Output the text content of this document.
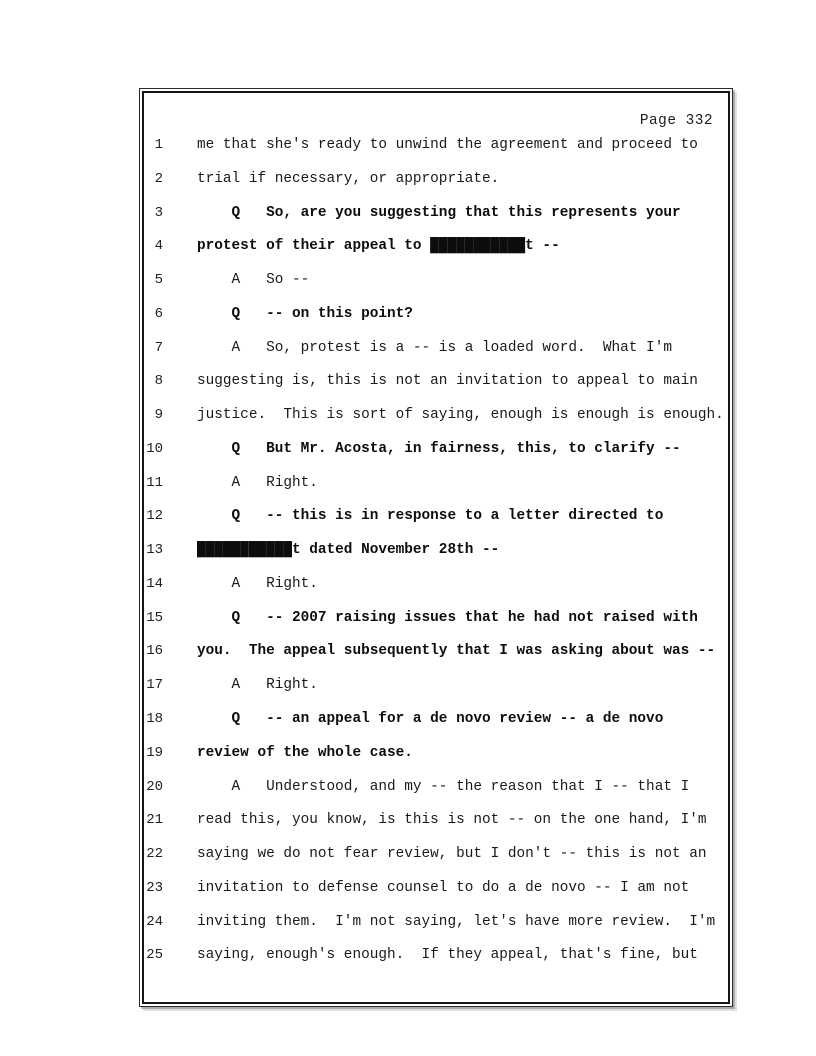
Page 332
1 me that she's ready to unwind the agreement and proceed to
2 trial if necessary, or appropriate.
3 Q   So, are you suggesting that this represents your
4 protest of their appeal to ███████████t --
5 A   So --
6 Q   -- on this point?
7 A   So, protest is a -- is a loaded word.  What I'm
8 suggesting is, this is not an invitation to appeal to main
9 justice.  This is sort of saying, enough is enough is enough.
10 Q   But Mr. Acosta, in fairness, this, to clarify --
11 A   Right.
12 Q   -- this is in response to a letter directed to
13 ███████████t dated November 28th --
14 A   Right.
15 Q   -- 2007 raising issues that he had not raised with
16 you.  The appeal subsequently that I was asking about was --
17 A   Right.
18 Q   -- an appeal for a de novo review -- a de novo
19 review of the whole case.
20 A   Understood, and my -- the reason that I -- that I
21 read this, you know, is this is not -- on the one hand, I'm
22 saying we do not fear review, but I don't -- this is not an
23 invitation to defense counsel to do a de novo -- I am not
24 inviting them.  I'm not saying, let's have more review.  I'm
25 saying, enough's enough.  If they appeal, that's fine, but
